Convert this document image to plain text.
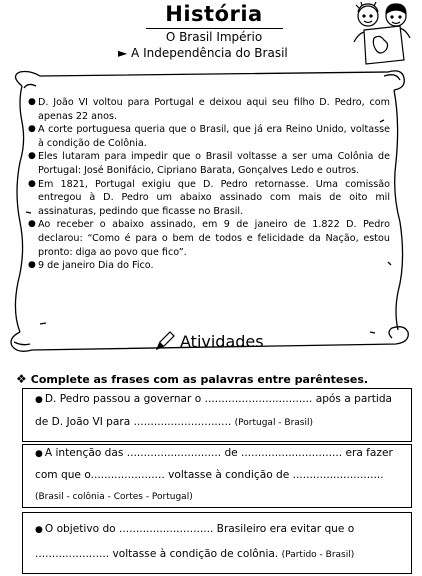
História
O Brasil Império
► A Independência do Brasil
● D. João VI voltou para Portugal e deixou aqui seu filho D. Pedro, com apenas 22 anos.
● A corte portuguesa queria que o Brasil, que já era Reino Unido, voltasse à condição de Colônia.
● Eles lutaram para impedir que o Brasil voltasse a ser uma Colônia de Portugal: José Bonifácio, Cipriano Barata, Gonçalves Ledo e outros.
● Em 1821, Portugal exigiu que D. Pedro retornasse. Uma comissão entregou à D. Pedro um abaixo assinado com mais de oito mil assinaturas, pedindo que ficasse no Brasil.
● Ao receber o abaixo assinado, em 9 de janeiro de 1.822 D. Pedro declarou: “Como é para o bem de todos e felicidade da Nação, estou pronto: diga ao povo que fico”.
● 9 de janeiro Dia do Fico.
Atividades
❖ Complete as frases com as palavras entre parênteses.
● D. Pedro passou a governar o ................................ após a partida
de D. João VI para ............................. (Portugal - Brasil)
● A intenção das ............................ de .............................. era fazer
com que o...................... voltasse à condição de ...........................
(Brasil - colônia - Cortes - Portugal)
● O objetivo do ............................ Brasileiro era evitar que o
...................... voltasse à condição de colônia. (Partido - Brasil)
